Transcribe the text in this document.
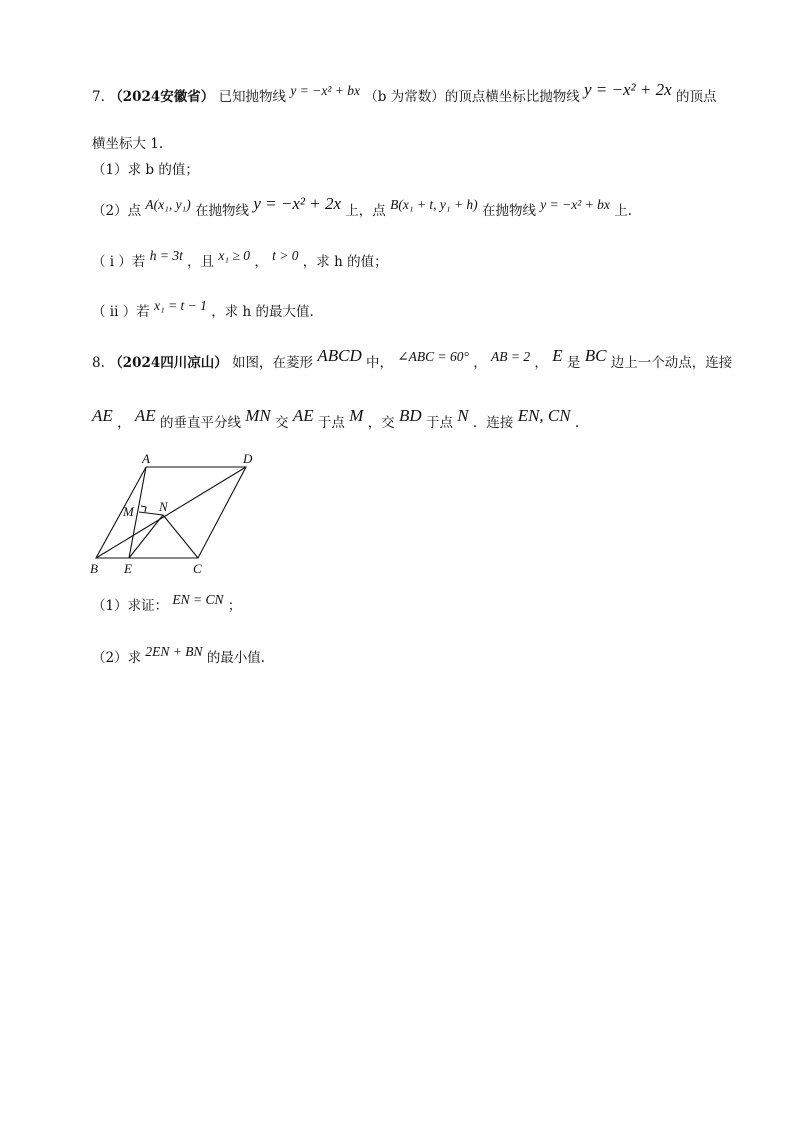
7. （2024安徽省） 已知抛物线 y = −x² + bx （b 为常数）的顶点横坐标比抛物线 y = −x² + 2x 的顶点
横坐标大 1.
（1）求 b 的值；
（2）点 A(x₁, y₁) 在抛物线 y = −x² + 2x 上，点 B(x₁ + t, y₁ + h) 在抛物线 y = −x² + bx 上.
（ i ）若 h = 3t ，且 x₁ ≥ 0 ， t > 0 ，求 h 的值；
（ ii ）若 x₁ = t − 1 ，求 h 的最大值.
8. （2024四川凉山） 如图，在菱形 ABCD 中， ∠ABC = 60° ， AB = 2 ， E 是 BC 边上一个动点，连接
AE ， AE 的垂直平分线 MN 交 AE 于点 M ，交 BD 于点 N ．连接 EN, CN .
A	D
B E	C
M N
（1）求证： EN = CN ；
（2）求 2EN + BN 的最小值.
